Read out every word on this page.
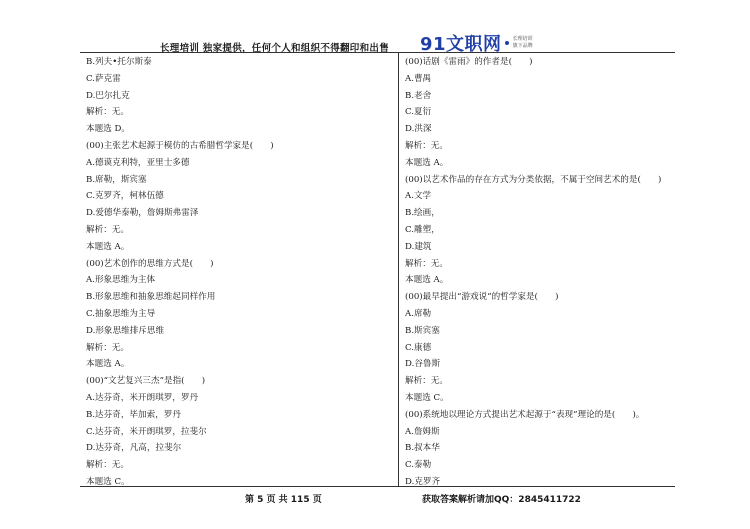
长理培训 独家提供，任何个人和组织不得翻印和出售 91文职网 长理培训
旗下品牌
B.列夫•托尔斯泰
C.萨克雷
D.巴尔扎克
解析：无。
本题选 D。
(00)主张艺术起源于模仿的古希腊哲学家是(　　)
A.德谟克利特，亚里士多德
B.席勒，斯宾塞
C.克罗齐，柯林伍德
D.爱德华泰勒，詹姆斯弗雷泽
解析：无。
本题选 A。
(00)艺术创作的思维方式是(　　)
A.形象思维为主体
B.形象思维和抽象思维起同样作用
C.抽象思维为主导
D.形象思维排斥思维
解析：无。
本题选 A。
(00)“文艺复兴三杰”是指(　　)
A.达芬奇，米开朗琪罗，罗丹
B.达芬奇，毕加索，罗丹
C.达芬奇，米开朗琪罗，拉斐尔
D.达芬奇，凡高，拉斐尔
解析：无。
本题选 C。
(00)话剧《雷雨》的作者是(　　)
A.曹禺
B.老舍
C.夏衍
D.洪深
解析：无。
本题选 A。
(00)以艺术作品的存在方式为分类依据，不属于空间艺术的是(　　)
A.文学
B.绘画，
C.雕塑，
D.建筑
解析：无。
本题选 A。
(00)最早提出“游戏说”的哲学家是(　　)
A.席勒
B.斯宾塞
C.康德
D.谷鲁斯
解析：无。
本题选 C。
(00)系统地以理论方式提出艺术起源于“表现”理论的是(　　)。
A.詹姆斯
B.叔本华
C.泰勒
D.克罗齐
第 5 页 共 115 页	获取答案解析请加QQ：2845411722
